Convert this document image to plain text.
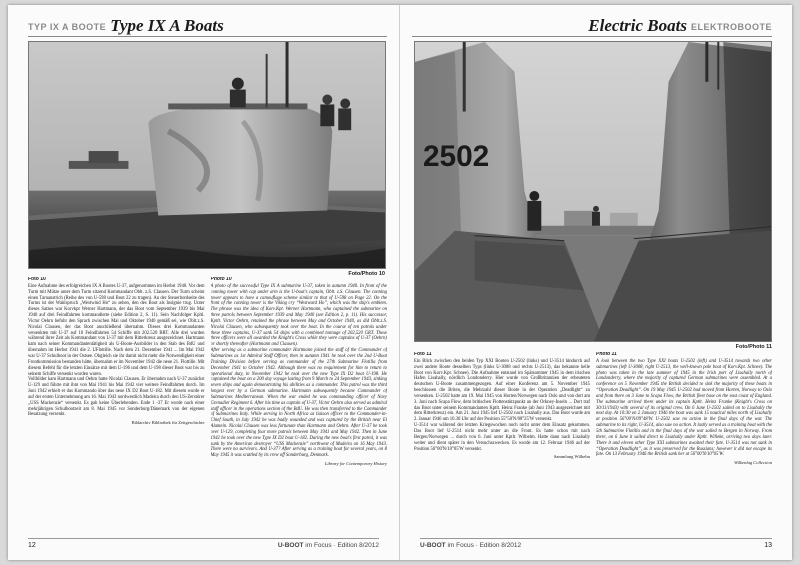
TYP IX A BOOTE Type IX A Boats
Foto/Photo 10
Foto 10

Eine Aufnahme des erfolgreichen IX A Bootes U-37, aufgenommen im Herbst 1940. Vor dem Turm mit Mütze unter dem Turm sitzend Kommandant Oblt. z.S. Clausen. Der Turm scheint einen Tarnanstrich (Reihe des von U-598 und Boot 22 zu tragen). An der Steuerbordseite des Turms ist der Wahlspruch „Westwind Ho“ zu sehen, den des Boot als Insignie trug. Unter dieses Satzes war Korvkpt Werner Hartmann, der das Boot vom September 1939 bis Mai 1940 auf drei Feindfahrten kommandierte (siehe Edition 2, S. 11). Sein Nachfolger Kpltl. Victor Oehrn befuhr den Sprach zwischen Mai und Oktober 1940 gemäß sei, wie Oblt.z.S. Nicolai Clausen, der das Boot anschließend übernahm. Dieses drei Kommandanten versenkten mit U-37 auf 10 Feindfahrten 54 Schiffe mit 202.520 BRT. Alle drei wurden während ihrer Zeit als Kommandant von U-37 mit dem Ritterkreuz ausgezeichnet. Hartmann kam nach seiner Kommandantentätigkeit als U-Boote-Ausbilder in den Stab des BdU und übernahm im Herbst 1941 die 2. UFlottille. Nach dem 21. Dezember 1941 ... Im Mai 1942 war U-37 Schulboot in der Ostsee. Obgleich sie ihr damit nicht mehr die Notwendigkeit einer Frontkommission bestanden hätte, übernahm er im November 1942 die neue 21. Flottille. Mit diesem Befehl für die letzten Einsätze mit dem U-196 und dem U-198 dieser Boot war bis zu seinem Schiffe versenkt worden waren.

Vollbilder kam Hartmann und Oehrn hatte Nicolai Clausen. Er übernahm nach U-37 zunächst U-129 und führte mit ihm von Mai 1941 bis Mai 1942 vier weitere Feindfahrten durch. Im Juni 1942 erhielt er das Kommando über das neue IX D2 Boot U-182. Mit diesem wurde er auf der ersten Unternehmung am 16. Mai 1943 nordwestlich Madeira durch den US-Zerstörer „USS Mackenzie“ versenkt. Es gab keine Überlebenden. Ende 1 -37 Er wurde nach einer mehrjährigen Schulbootzeit am 8. Mai 1945 vor Sonderburg/Dänemark von der eigenen Besatzung versenkt.

Bildarchiv Bibliothek für Zeitgeschichte
Photo 10

A photo of the successful Type IX A submarine U-37, taken in autumn 1940. In front of the conning tower with cap under arm is the U-boat's captain, Oblt. z.S. Clausen. The conning tower appears to have a camouflage scheme similar to that of U-598 on Page 22. On the front of the conning tower is the Viking cry “Westward Ho”, which was the ship's emblem. The phrase was the idea of Korv.Kpt. Werner Hartmann, who captained the submarine on three patrols between September 1939 and May 1940 (see Edition 2, p. 11). His successor, Kptlt. Victor Oehrn, retained the phrase between May and October 1940, as did Oblt.z.S. Nicolai Clausen, who subsequently took over the boat. In the course of ten patrols under these three captains, U-37 sank 54 ships with a combined tonnage of 202,520 GRT. These three officers were all awarded the Knight's Cross while they were captains of U-37 (Oehrn) or shortly thereafter (Hartmann and Clausen).

After serving as a submarine commander Hartmann joined the staff of the Commander of Submarines as 1st Admiral Staff Officer, then in autumn 1941 he took over the 2nd U-Boat Training Division before serving as commander of the 27th Submarine Flotilla from December 1941 to October 1942. Although there was no requirement for him to return to operational duty, in November 1942 he took over the new Type IX D2 boat U-198. He captained the boat on a 200 day voyage lasting from 9 March to 24 September 1943, sinking seven ships and again demonstrating his abilities as a commander. This patrol was the third longest ever by a German submarine. Hartmann subsequently became Commander of Submarines Mediterranean. When the war ended he was commanding officer of Navy Grenadier Regiment 6. After his time as captain of U-37, Victor Oehrn also served as admiral staff officer in the operations section of the BdU. He was then transferred to the Commander of Submarines Italy. While serving in North Africa as liaison officer to the Commander-in-Chief South, in July 1942 he was badly wounded and was captured by the British near El Alamein. Nicolai Clausen was less fortunate than Hartmann and Oehrn. After U-37 he took over U-129, completing four more patrols between May 1941 and May 1942. Then in June 1942 he took over the new Type IX D2 boat U-182. During the new boat's first patrol, it was sunk by the American destroyer “USS Mackenzie” northwest of Madeira on 16 May 1943. There were no survivors. And U-37? After serving as a training boat for several years, on 8 May 1945 it was scuttled by its crew off Sonderburg, Denmark.

Library for Contemporary History
12	U-BOOT im Focus · Edition 8/2012
Electric Boats ELEKTROBOOTE
2502
Foto/Photo 11
Foto 11

Ein Blick zwischen den beiden Typ XXI Booten U-2502 (links) und U-3514 hindurch auf zwei andere Boote desselben Typs (links U-3008 und rechts U-2513), das bekannte helle Boot von Korv.Kpt. Schnee). Die Aufnahme entstand im Spätsommer 1945 in dem irischen Hafen Lisahally, nördlich Londonderry. Hier wurde von Großbritannien der erbeuteten deutschen U-Boote zusammengezogen. Auf einer Konferenz am 5. November 1945 beschlossen die Briten, die Mehrzahl dieser Boote in der Operation „Deadlight“ zu versenken. U-2502 hatte am 19. Mai 1945 von Horten/Norwegen nach Oslo und von dort am 3. Juni nach Scapa Flow, dem britischen Flottenstützpunkt an der Orkney-Inseln ... Dort traf das Boot unter seinem Kommandanten Kptlt. Heinz Franke (ab Juni 1943 ausgezeichnet mit dem Ritterkreuz) ein. Am 21. Juni 1945 lief U-2502 nach Lisahally aus. Das Boot wurde am 2. Januar 1946 um 10.30 Uhr auf der Position 55°50'N/08°25'W versenkt.

U-3514 war während der letzten Kriegswochen noch nicht unter dem Einsatz gekommen. Das Boot lief U-2514 nicht mehr unter an die Front. Es hatte schon mit nach Bergen/Norwegen ... durch von 6. Juni unter Kptlt. Wilbelm. Hatte dann nach Lisahally weiter und dient später in den Versuchszwecken. Es wurde am 12. Februar 1946 auf der Position 56°00'N/10°05'W versenkt.

Sammlung Wilhelm
Photo 11

A look between the two Type XXI boats U-2502 (left) and U-3514 towards two other submarines (left U-3008, right U-2513, the well-known pale boat of Korv.Kpt. Schnee). The photo was taken in the late summer of 1945 in the Irish port of Lisahally north of Londonderry, where the majority of captured German submarines were assembled. At a conference on 5 November 1945 the British decided to sink the majority of these boats in “Operation Deadlight”. On 19 May 1945 U-2502 had moved from Horten, Norway to Oslo and from there on 3 June to Scapa Flow, the British fleet base on the east coast of England. The submarine arrived there under its captain Kptlt. Heinz Franke (Knight's Cross on 30/11/1943) with several of its original crew. On 6 June U-2502 sailed on to Lisahally the next day. At 10:30 on 2 January 1946 the boat was sunk 15 nautical miles north of Lisahally at position 56°00'N/09°48'W. U-2502 saw no action in the final days of the war. The submarine to its right, U-3514, also saw no action. It lastly served as a training boat with the 5th Submarine Flotilla and in the final days of the war sailed to Bergen in Norway. From there, on 6 June it sailed direct to Lisahally under Kptlt. Willeke, arriving two days later. There it and eleven other Type XXI submarines awaited their fate. U-3514 was not sunk in “Operation Deadlight”, as it was preserved for the Russians; however it did not escape its fate. On 13 February 1946 the British sank her at 56°00'N/10°05'W.

Wilkenlag Collection
U-BOOT im Focus · Edition 8/2012	13
